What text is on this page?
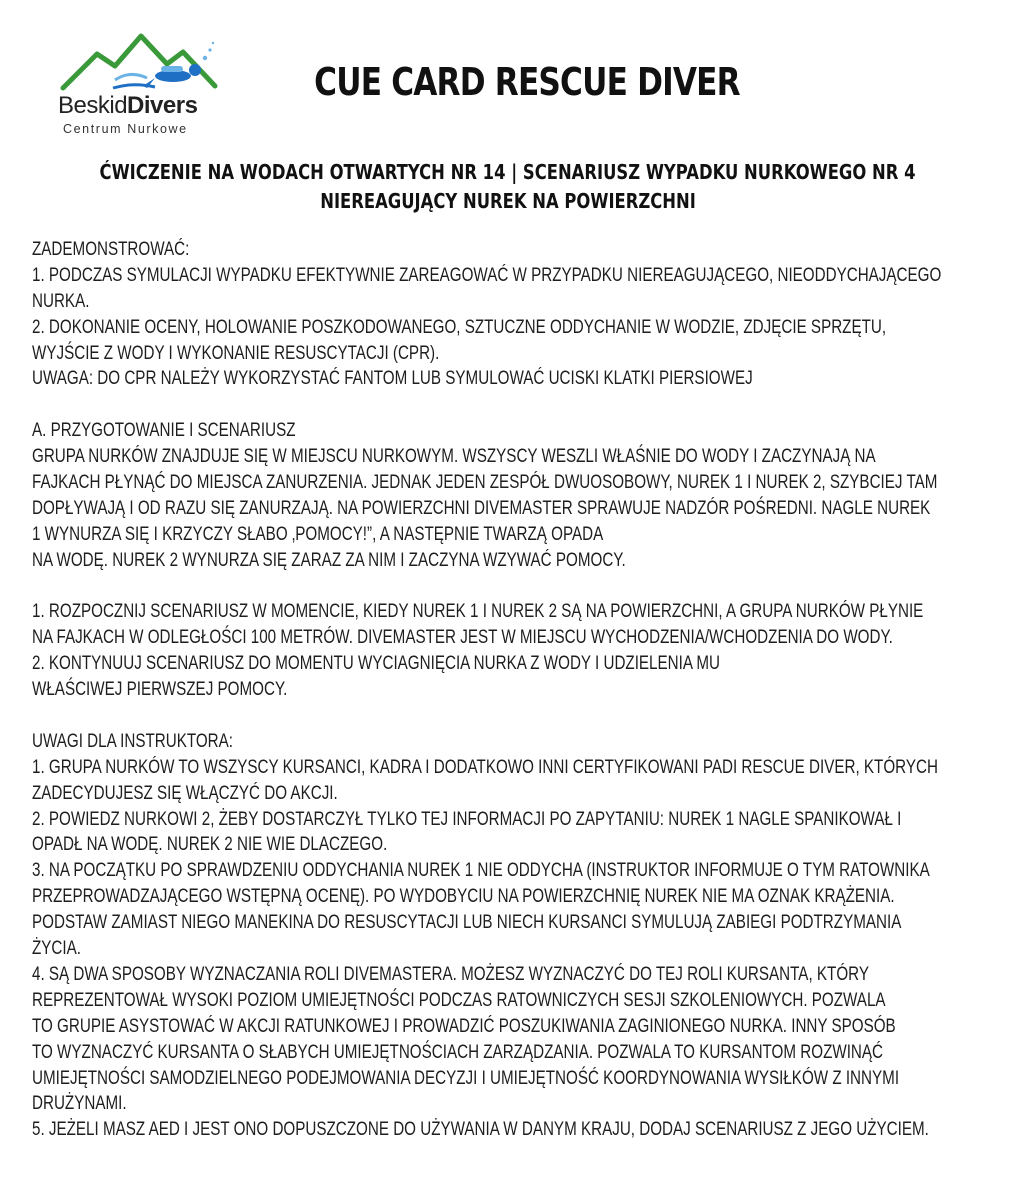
BeskidDivers
Centrum Nurkowe
CUE CARD RESCUE DIVER
ĆWICZENIE NA WODACH OTWARTYCH NR 14 | SCENARIUSZ WYPADKU NURKOWEGO NR 4
NIEREAGUJĄCY NUREK NA POWIERZCHNI
ZADEMONSTROWAĆ:
1. PODCZAS SYMULACJI WYPADKU EFEKTYWNIE ZAREAGOWAĆ W PRZYPADKU NIEREAGUJĄCEGO, NIEODDYCHAJĄCEGO
NURKA.
2. DOKONANIE OCENY, HOLOWANIE POSZKODOWANEGO, SZTUCZNE ODDYCHANIE W WODZIE, ZDJĘCIE SPRZĘTU,
WYJŚCIE Z WODY I WYKONANIE RESUSCYTACJI (CPR).
UWAGA: DO CPR NALEŻY WYKORZYSTAĆ FANTOM LUB SYMULOWAĆ UCISKI KLATKI PIERSIOWEJ
A. PRZYGOTOWANIE I SCENARIUSZ
GRUPA NURKÓW ZNAJDUJE SIĘ W MIEJSCU NURKOWYM. WSZYSCY WESZLI WŁAŚNIE DO WODY I ZACZYNAJĄ NA
FAJKACH PŁYNĄĆ DO MIEJSCA ZANURZENIA. JEDNAK JEDEN ZESPÓŁ DWUOSOBOWY, NUREK 1 I NUREK 2, SZYBCIEJ TAM
DOPŁYWAJĄ I OD RAZU SIĘ ZANURZAJĄ. NA POWIERZCHNI DIVEMASTER SPRAWUJE NADZÓR POŚREDNI. NAGLE NUREK
1 WYNURZA SIĘ I KRZYCZY SŁABO ‚POMOCY!”, A NASTĘPNIE TWARZĄ OPADA
NA WODĘ. NUREK 2 WYNURZA SIĘ ZARAZ ZA NIM I ZACZYNA WZYWAĆ POMOCY.
1. ROZPOCZNIJ SCENARIUSZ W MOMENCIE, KIEDY NUREK 1 I NUREK 2 SĄ NA POWIERZCHNI, A GRUPA NURKÓW PŁYNIE
NA FAJKACH W ODLEGŁOŚCI 100 METRÓW. DIVEMASTER JEST W MIEJSCU WYCHODZENIA/WCHODZENIA DO WODY.
2. KONTYNUUJ SCENARIUSZ DO MOMENTU WYCIAGNIĘCIA NURKA Z WODY I UDZIELENIA MU
WŁAŚCIWEJ PIERWSZEJ POMOCY.
UWAGI DLA INSTRUKTORA:
1. GRUPA NURKÓW TO WSZYSCY KURSANCI, KADRA I DODATKOWO INNI CERTYFIKOWANI PADI RESCUE DIVER, KTÓRYCH
ZADECYDUJESZ SIĘ WŁĄCZYĆ DO AKCJI.
2. POWIEDZ NURKOWI 2, ŻEBY DOSTARCZYŁ TYLKO TEJ INFORMACJI PO ZAPYTANIU: NUREK 1 NAGLE SPANIKOWAŁ I
OPADŁ NA WODĘ. NUREK 2 NIE WIE DLACZEGO.
3. NA POCZĄTKU PO SPRAWDZENIU ODDYCHANIA NUREK 1 NIE ODDYCHA (INSTRUKTOR INFORMUJE O TYM RATOWNIKA
PRZEPROWADZAJĄCEGO WSTĘPNĄ OCENĘ). PO WYDOBYCIU NA POWIERZCHNIĘ NUREK NIE MA OZNAK KRĄŻENIA.
PODSTAW ZAMIAST NIEGO MANEKINA DO RESUSCYTACJI LUB NIECH KURSANCI SYMULUJĄ ZABIEGI PODTRZYMANIA
ŻYCIA.
4. SĄ DWA SPOSOBY WYZNACZANIA ROLI DIVEMASTERA. MOŻESZ WYZNACZYĆ DO TEJ ROLI KURSANTA, KTÓRY
REPREZENTOWAŁ WYSOKI POZIOM UMIEJĘTNOŚCI PODCZAS RATOWNICZYCH SESJI SZKOLENIOWYCH. POZWALA
TO GRUPIE ASYSTOWAĆ W AKCJI RATUNKOWEJ I PROWADZIĆ POSZUKIWANIA ZAGINIONEGO NURKA. INNY SPOSÓB
TO WYZNACZYĆ KURSANTA O SŁABYCH UMIEJĘTNOŚCIACH ZARZĄDZANIA. POZWALA TO KURSANTOM ROZWINĄĆ
UMIEJĘTNOŚCI SAMODZIELNEGO PODEJMOWANIA DECYZJI I UMIEJĘTNOŚĆ KOORDYNOWANIA WYSIŁKÓW Z INNYMI
DRUŻYNAMI.
5. JEŻELI MASZ AED I JEST ONO DOPUSZCZONE DO UŻYWANIA W DANYM KRAJU, DODAJ SCENARIUSZ Z JEGO UŻYCIEM.
